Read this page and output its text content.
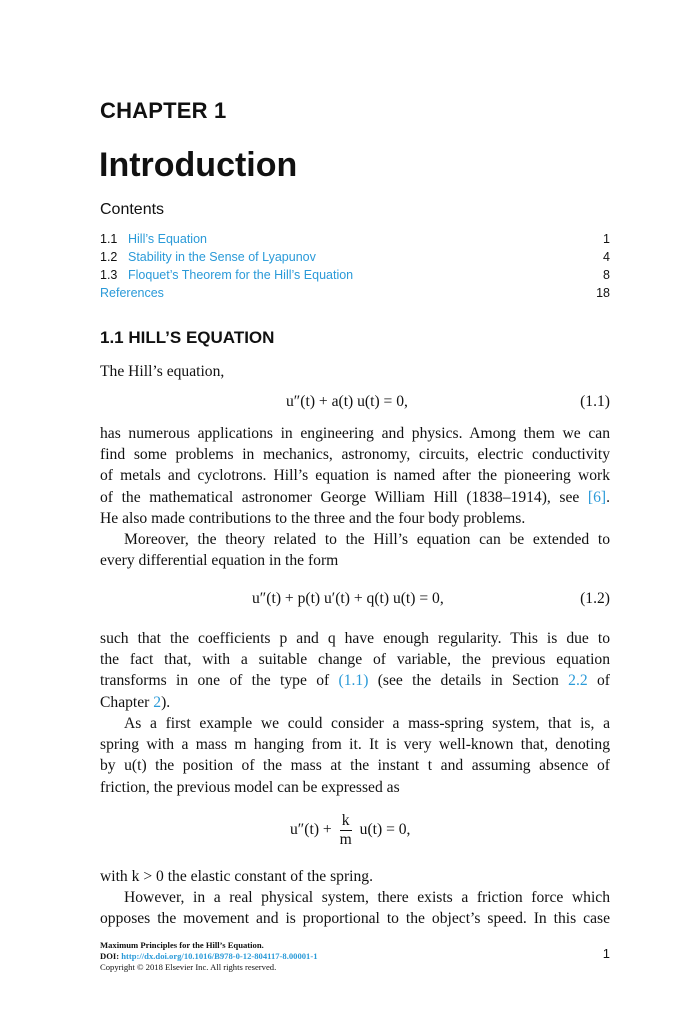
CHAPTER 1
Introduction
Contents
1.1 Hill’s Equation	1
1.2 Stability in the Sense of Lyapunov	4
1.3 Floquet’s Theorem for the Hill’s Equation	8
References	18
1.1 HILL’S EQUATION

The Hill’s equation,

u″(t) + a(t) u(t) = 0,	(1.1)

has numerous applications in engineering and physics. Among them we can
find some problems in mechanics, astronomy, circuits, electric conductivity
of metals and cyclotrons. Hill’s equation is named after the pioneering work
of the mathematical astronomer George William Hill (1838–1914), see [6].
He also made contributions to the three and the four body problems.

Moreover, the theory related to the Hill’s equation can be extended to
every differential equation in the form

u″(t) + p(t) u′(t) + q(t) u(t) = 0,	(1.2)

such that the coefficients p and q have enough regularity. This is due to
the fact that, with a suitable change of variable, the previous equation
transforms in one of the type of (1.1) (see the details in Section 2.2 of
Chapter 2).

As a first example we could consider a mass-spring system, that is, a
spring with a mass m hanging from it. It is very well-known that, denoting
by u(t) the position of the mass at the instant t and assuming absence of
friction, the previous model can be expressed as

$u''(t) + \frac{k}{m} u(t) = 0$,

with k > 0 the elastic constant of the spring.

However, in a real physical system, there exists a friction force which
opposes the movement and is proportional to the object’s speed. In this case

Maximum Principles for the Hill’s Equation.
DOI: http://dx.doi.org/10.1016/B978-0-12-804117-8.00001-1
Copyright © 2018 Elsevier Inc. All rights reserved.
1
